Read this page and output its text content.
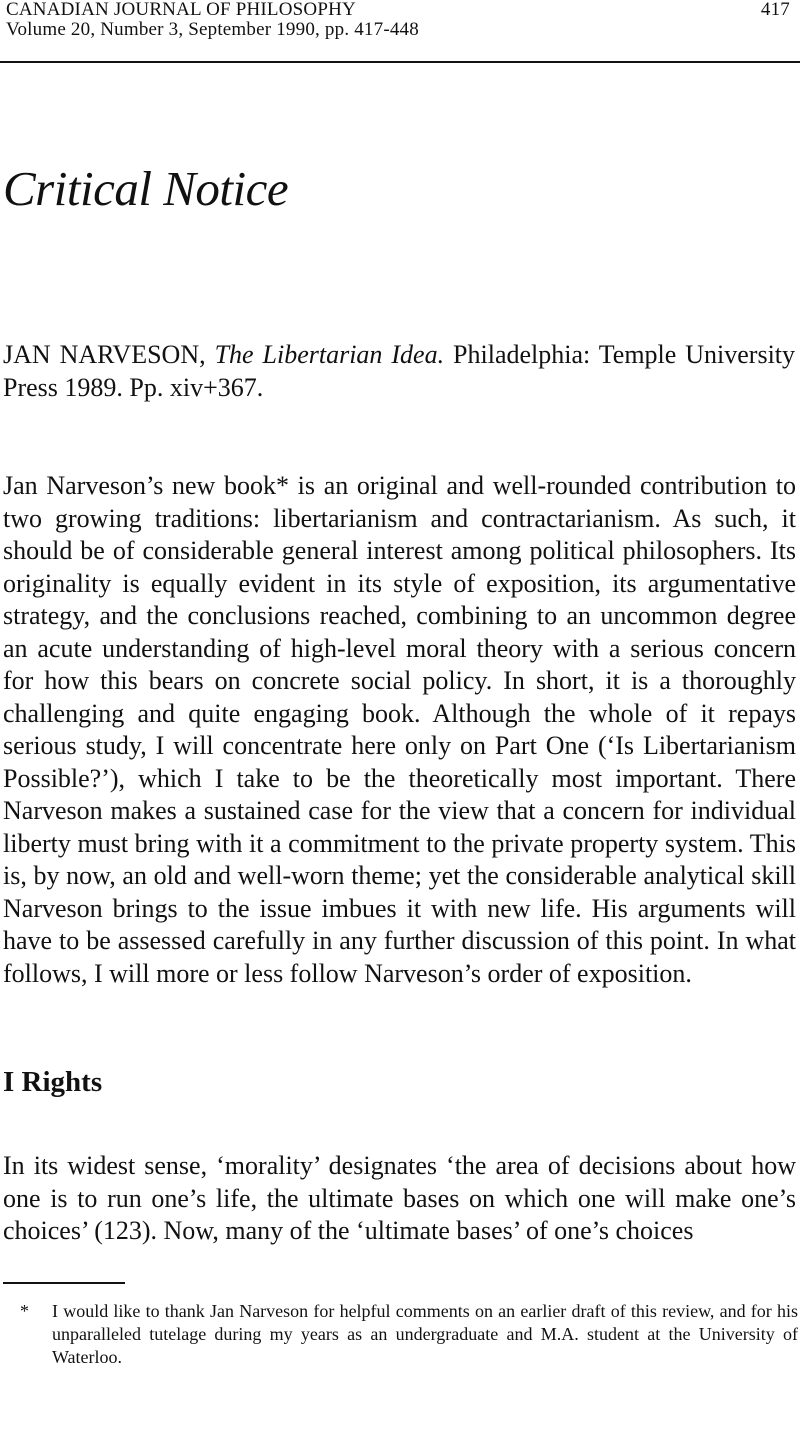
CANADIAN JOURNAL OF PHILOSOPHY	417
Volume 20, Number 3, September 1990, pp. 417-448
Critical Notice

JAN NARVESON, The Libertarian Idea. Philadelphia: Temple University Press 1989. Pp. xiv+367.

Jan Narveson’s new book* is an original and well-rounded contribution to two growing traditions: libertarianism and contractarianism. As such, it should be of considerable general interest among political philosophers. Its originality is equally evident in its style of exposition, its argumentative strategy, and the conclusions reached, combining to an uncommon degree an acute understanding of high-level moral theory with a serious concern for how this bears on concrete social policy. In short, it is a thoroughly challenging and quite engaging book. Although the whole of it repays serious study, I will concentrate here only on Part One (‘Is Libertarianism Possible?’), which I take to be the theoretically most important. There Narveson makes a sustained case for the view that a concern for individual liberty must bring with it a commitment to the private property system. This is, by now, an old and well-worn theme; yet the considerable analytical skill Narveson brings to the issue imbues it with new life. His arguments will have to be assessed carefully in any further discussion of this point. In what follows, I will more or less follow Narveson’s order of exposition.

I Rights

In its widest sense, ‘morality’ designates ‘the area of decisions about how one is to run one’s life, the ultimate bases on which one will make one’s choices’ (123). Now, many of the ‘ultimate bases’ of one’s choices

*	I would like to thank Jan Narveson for helpful comments on an earlier draft of this review, and for his unparalleled tutelage during my years as an undergraduate and M.A. student at the University of Waterloo.
